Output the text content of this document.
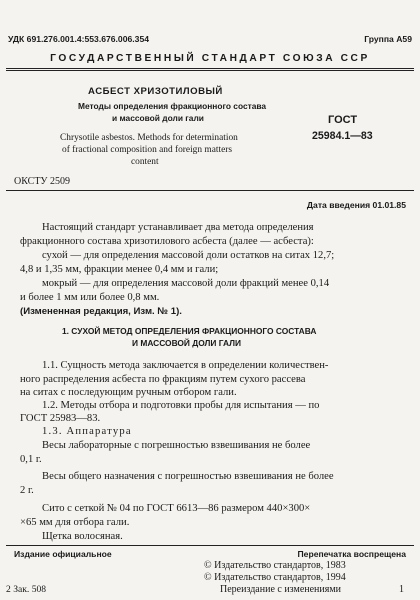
УДК 691.276.001.4:553.676.006.354	Группа А59
ГОСУДАРСТВЕННЫЙ СТАНДАРТ СОЮЗА ССР
АСБЕСТ ХРИЗОТИЛОВЫЙ
Методы определения фракционного состава
и массовой доли гали
Chrysotile asbestos. Methods for determination
of fractional composition and foreign matters
content
ГОСТ
25984.1—83
ОКСТУ 2509
Дата введения 01.01.85
Настоящий стандарт устанавливает два метода определения
фракционного состава хризотилового асбеста (далее — асбеста):
сухой — для определения массовой доли остатков на ситах 12,7;
4,8 и 1,35 мм, фракции менее 0,4 мм и гали;
мокрый — для определения массовой доли фракций менее 0,14
и более 1 мм или более 0,8 мм.
(Измененная редакция, Изм. № 1).
1. СУХОЙ МЕТОД ОПРЕДЕЛЕНИЯ ФРАКЦИОННОГО СОСТАВА
И МАССОВОЙ ДОЛИ ГАЛИ
1.1. Сущность метода заключается в определении количествен-
ного распределения асбеста по фракциям путем сухого рассева
на ситах с последующим ручным отбором гали.
1.2. Методы отбора и подготовки пробы для испытания — по
ГОСТ 25983—83.
1.3. Аппаратура
Весы лабораторные с погрешностью взвешивания не более
0,1 г.
Весы общего назначения с погрешностью взвешивания не более
2 г.
Сито с сеткой № 04 по ГОСТ 6613—86 размером 440×300×
×65 мм для отбора гали.
Щетка волосяная.
Издание официальное	Перепечатка воспрещена
© Издательство стандартов, 1983
© Издательство стандартов, 1994
Переиздание с изменениями
2 Зак. 508	1
